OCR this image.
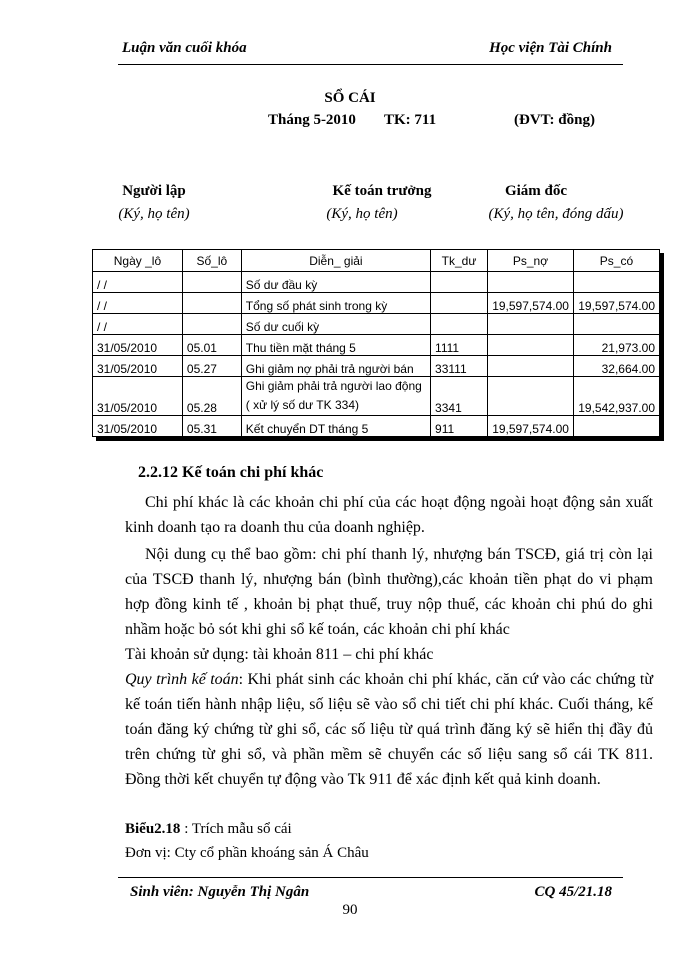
Luận văn cuối khóa	Học viện Tài Chính
SỔ CÁI
Tháng 5-2010 TK: 711	(ĐVT: đồng)
Người lập
(Ký, họ tên)
Kế toán trưởng
(Ký, họ tên)
Giám đốc
(Ký, họ tên, đóng dấu)
Ngày _lô	Số_lô	Diễn_ giải	Tk_dư	Ps_nợ	Ps_có
/ /		Số dư đầu kỳ			
/ /		Tổng số phát sinh trong kỳ		19,597,574.00	19,597,574.00
/ /		Số dư cuối kỳ			
31/05/2010	05.01	Thu tiền mặt tháng 5	1111		21,973.00
31/05/2010	05.27	Ghi giảm nợ phải trả người bán	33111		32,664.00
31/05/2010	05.28	Ghi giảm phải trả người lao động ( xử lý số dư TK 334)	3341		19,542,937.00
31/05/2010	05.31	Kết chuyển DT tháng 5	911	19,597,574.00	
2.2.12 Kế toán chi phí khác
Chi phí khác là các khoản chi phí của các hoạt động ngoài hoạt động sản xuất kinh doanh tạo ra doanh thu của doanh nghiệp.
Nội dung cụ thể bao gồm: chi phí thanh lý, nhượng bán TSCĐ, giá trị còn lại của TSCĐ thanh lý, nhượng bán (bình thường),các khoản tiền phạt do vi phạm hợp đồng kinh tế , khoản bị phạt thuế, truy nộp thuế, các khoản chi phú do ghi nhầm hoặc bỏ sót khi ghi sổ kế toán, các khoản chi phí khác
Tài khoản sử dụng: tài khoản 811 – chi phí khác
Quy trình kế toán: Khi phát sinh các khoản chi phí khác, căn cứ vào các chứng từ kế toán tiến hành nhập liệu, số liệu sẽ vào sổ chi tiết chi phí khác. Cuối tháng, kế toán đăng ký chứng từ ghi sổ, các số liệu từ quá trình đăng ký sẽ hiển thị đầy đủ trên chứng từ ghi sổ, và phần mềm sẽ chuyển các số liệu sang sổ cái TK 811. Đồng thời kết chuyển tự động vào Tk 911 để xác định kết quả kinh doanh.
Biểu2.18 : Trích mẫu sổ cái
Đơn vị: Cty cổ phần khoáng sản Á Châu
Sinh viên: Nguyễn Thị Ngân	CQ 45/21.18
90
